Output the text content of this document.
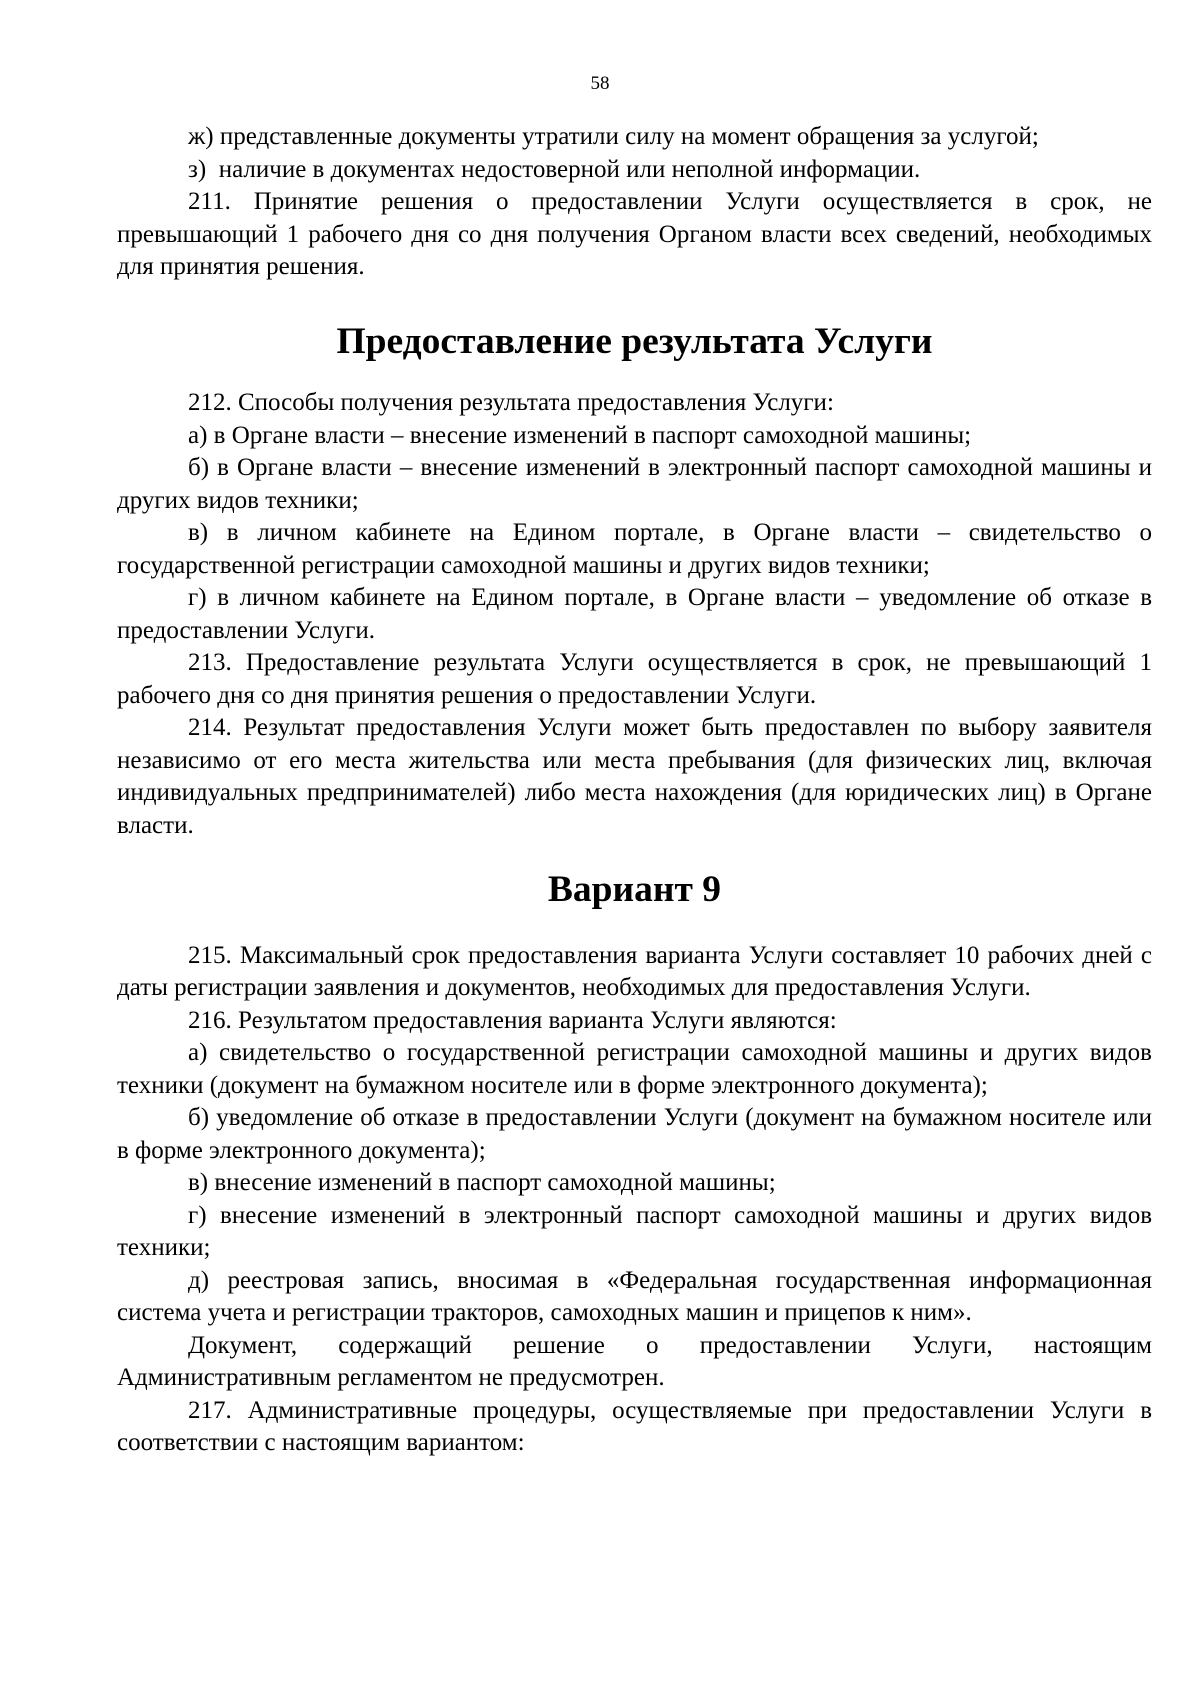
58

ж) представленные документы утратили силу на момент обращения за услугой;

з)  наличие в документах недостоверной или неполной информации.

211. Принятие решения о предоставлении Услуги осуществляется в срок, не превышающий 1 рабочего дня со дня получения Органом власти всех сведений, необходимых для принятия решения.

Предоставление результата Услуги

212. Способы получения результата предоставления Услуги:

а) в Органе власти – внесение изменений в паспорт самоходной машины;

б) в Органе власти – внесение изменений в электронный паспорт самоходной машины и других видов техники;

в) в личном кабинете на Едином портале, в Органе власти – свидетельство о государственной регистрации самоходной машины и других видов техники;

г) в личном кабинете на Едином портале, в Органе власти – уведомление об отказе в предоставлении Услуги.

213. Предоставление результата Услуги осуществляется в срок, не превышающий 1 рабочего дня со дня принятия решения о предоставлении Услуги.

214. Результат предоставления Услуги может быть предоставлен по выбору заявителя независимо от его места жительства или места пребывания (для физических лиц, включая индивидуальных предпринимателей) либо места нахождения (для юридических лиц) в Органе власти.

Вариант 9

215. Максимальный срок предоставления варианта Услуги составляет 10 рабочих дней с даты регистрации заявления и документов, необходимых для предоставления Услуги.

216. Результатом предоставления варианта Услуги являются:

а) свидетельство о государственной регистрации самоходной машины и других видов техники (документ на бумажном носителе или в форме электронного документа);

б) уведомление об отказе в предоставлении Услуги (документ на бумажном носителе или в форме электронного документа);

в) внесение изменений в паспорт самоходной машины;

г) внесение изменений в электронный паспорт самоходной машины и других видов техники;

д) реестровая запись, вносимая в «Федеральная государственная информационная система учета и регистрации тракторов, самоходных машин и прицепов к ним».

Документ, содержащий решение о предоставлении Услуги, настоящим Административным регламентом не предусмотрен.

217. Административные процедуры, осуществляемые при предоставлении Услуги в соответствии с настоящим вариантом:
